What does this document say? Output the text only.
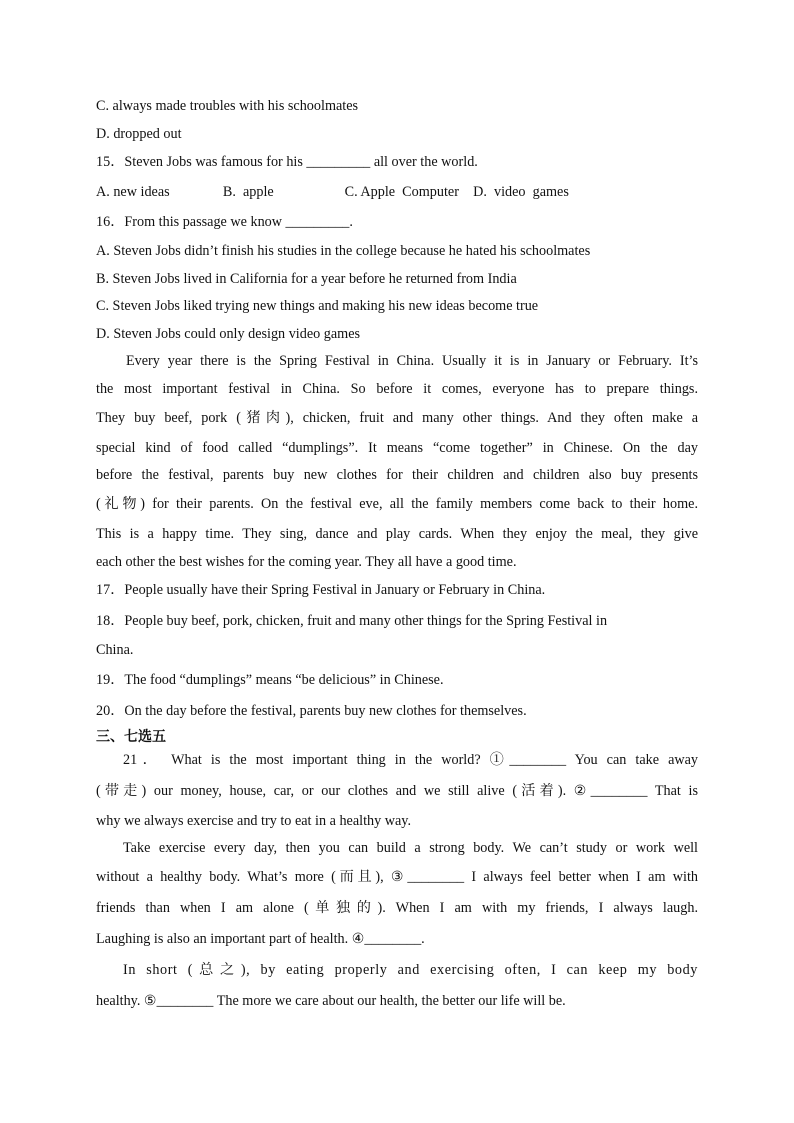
C. always made troubles with his schoolmates
D. dropped out
15．Steven Jobs was famous for his _________ all over the world.
A. new ideas               B.  apple                    C. Apple  Computer    D.  video  games
16．From this passage we know _________.
A. Steven Jobs didn’t finish his studies in the college because he hated his schoolmates
B. Steven Jobs lived in California for a year before he returned from India
C. Steven Jobs liked trying new things and making his new ideas become true
D. Steven Jobs could only design video games
Every year there is the Spring Festival in China. Usually it is in January or February. It’s
the most important festival in China. So before it comes, everyone has to prepare things.
They buy beef, pork (猪肉), chicken, fruit and many other things. And they often make a
special kind of food called “dumplings”. It means “come together” in Chinese. On the day
before the festival, parents buy new clothes for their children and children also buy presents
(礼物) for their parents. On the festival eve, all the family members come back to their home.
This is a happy time. They sing, dance and play cards. When they enjoy the meal, they give
each other the best wishes for the coming year. They all have a good time.
17．People usually have their Spring Festival in January or February in China.
18．People buy beef, pork, chicken, fruit and many other things for the Spring Festival in
China.
19．The food “dumplings” means “be delicious” in Chinese.
20．On the day before the festival, parents buy new clothes for themselves.
三、七选五
21． What is the most important thing in the world? ①________ You can take away
(带走) our money, house, car, or our clothes and we still alive (活着). ②________ That is
why we always exercise and try to eat in a healthy way.
Take exercise every day, then you can build a strong body. We can’t study or work well
without a healthy body. What’s more (而且), ③________ I always feel better when I am with
friends than when I am alone (单独的). When I am with my friends, I always laugh.
Laughing is also an important part of health. ④________.
In short (总之), by eating properly and exercising often, I can keep my body
healthy. ⑤________ The more we care about our health, the better our life will be.
